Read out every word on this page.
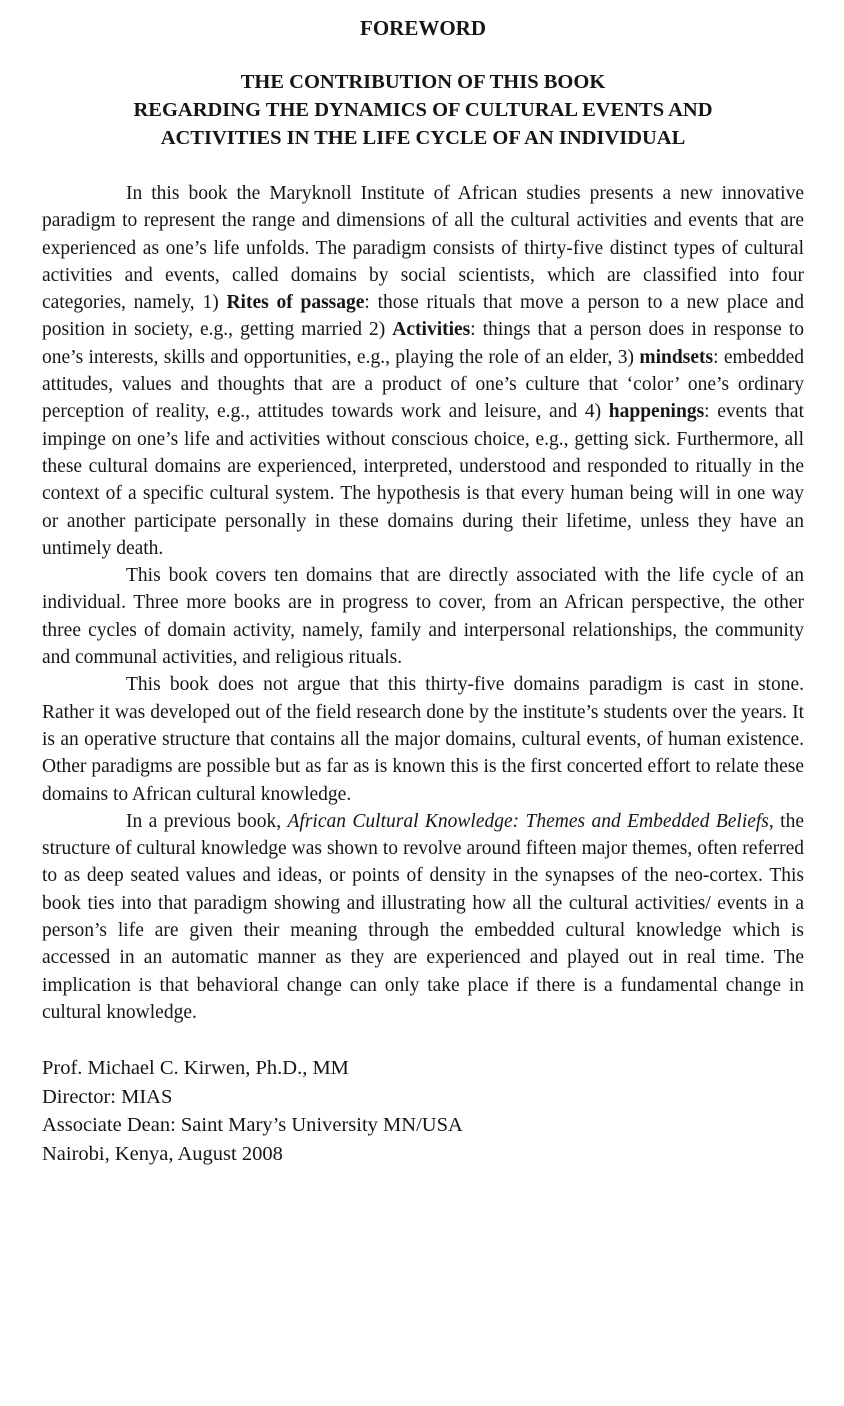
FOREWORD
THE CONTRIBUTION OF THIS BOOK
REGARDING THE DYNAMICS OF CULTURAL EVENTS AND
ACTIVITIES IN THE LIFE CYCLE OF AN INDIVIDUAL

In this book the Maryknoll Institute of African studies presents a new innovative paradigm to represent the range and dimensions of all the cultural activities and events that are experienced as one’s life unfolds. The paradigm consists of thirty-five distinct types of cultural activities and events, called domains by social scientists, which are classified into four categories, namely, 1) Rites of passage: those rituals that move a person to a new place and position in society, e.g., getting married 2) Activities: things that a person does in response to one’s interests, skills and opportunities, e.g., playing the role of an elder, 3) mindsets: embedded attitudes, values and thoughts that are a product of one’s culture that ‘color’ one’s ordinary perception of reality, e.g., attitudes towards work and leisure, and 4) happenings: events that impinge on one’s life and activities without conscious choice, e.g., getting sick. Furthermore, all these cultural domains are experienced, interpreted, understood and responded to ritually in the context of a specific cultural system. The hypothesis is that every human being will in one way or another participate personally in these domains during their lifetime, unless they have an untimely death.

This book covers ten domains that are directly associated with the life cycle of an individual. Three more books are in progress to cover, from an African perspective, the other three cycles of domain activity, namely, family and interpersonal relationships, the community and communal activities, and religious rituals.

This book does not argue that this thirty-five domains paradigm is cast in stone. Rather it was developed out of the field research done by the institute’s students over the years. It is an operative structure that contains all the major domains, cultural events, of human existence. Other paradigms are possible but as far as is known this is the first concerted effort to relate these domains to African cultural knowledge.

In a previous book, African Cultural Knowledge: Themes and Embedded Beliefs, the structure of cultural knowledge was shown to revolve around fifteen major themes, often referred to as deep seated values and ideas, or points of density in the synapses of the neo-cortex. This book ties into that paradigm showing and illustrating how all the cultural activities/ events in a person’s life are given their meaning through the embedded cultural knowledge which is accessed in an automatic manner as they are experienced and played out in real time. The implication is that behavioral change can only take place if there is a fundamental change in cultural knowledge.

Prof. Michael C. Kirwen, Ph.D., MM
Director: MIAS
Associate Dean: Saint Mary’s University MN/USA
Nairobi, Kenya, August 2008
